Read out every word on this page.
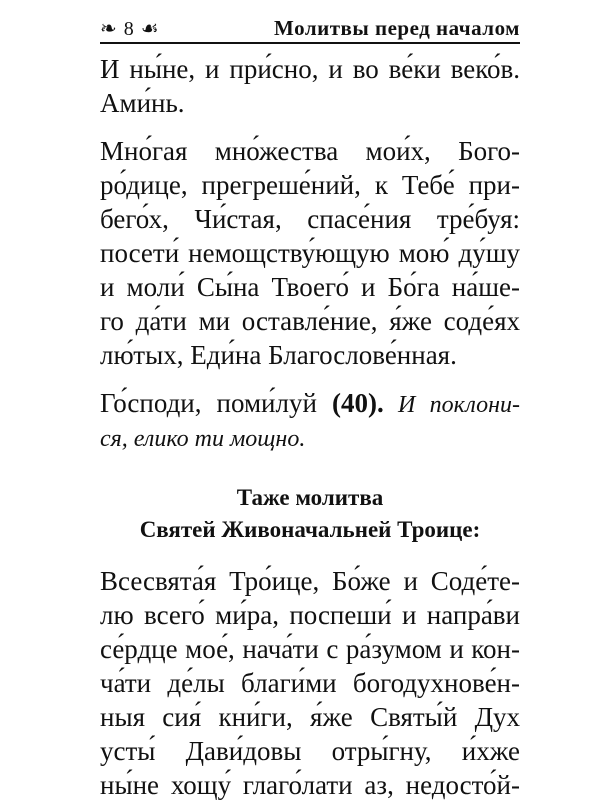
❧ 8 ☙	Молитвы перед началом

И ны́не, и при́сно, и во ве́ки веко́в.
Ами́нь.

Мно́гая мно́жества мои́х, Бого-
ро́дице, прегреше́ний, к Тебе́ при-
бего́х, Чи́стая, спасе́ния тре́буя:
посети́ немощству́ющую мою́ ду́шу
и моли́ Сы́на Твоего́ и Бо́га на́ше-
го да́ти ми оставле́ние, я́же соде́ях
лю́тых, Еди́на Благослове́нная.

Го́споди, поми́луй (40). И поклони-
ся, елико ти мощно.

Таже молитва

Святей Живоначальней Троице:

Всесвята́я Тро́ице, Бо́же и Соде́те-
лю всего́ ми́ра, поспеши́ и напра́ви
се́рдце мое́, нача́ти с ра́зумом и кон-
ча́ти де́лы благи́ми богодухнове́н-
ныя сия́ кни́ги, я́же Святы́й Дух
усты́ Дави́довы отры́гну, и́хже
ны́не хощу́ глаго́лати аз, недосто́й-
